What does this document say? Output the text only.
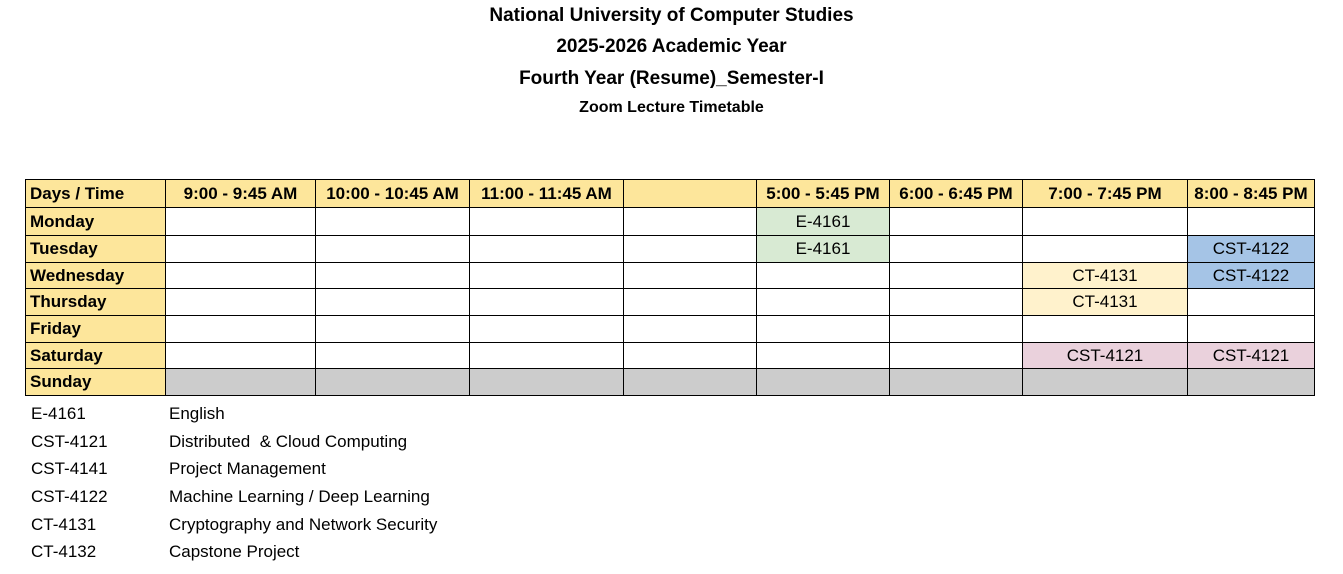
National University of Computer Studies
2025-2026 Academic Year
Fourth Year (Resume)_Semester-I
Zoom Lecture Timetable
Days / Time	9:00 - 9:45 AM	10:00 - 10:45 AM	11:00 - 11:45 AM		5:00 - 5:45 PM	6:00 - 6:45 PM	7:00 - 7:45 PM	8:00 - 8:45 PM
Monday					E-4161			
Tuesday					E-4161			CST-4122
Wednesday							CT-4131	CST-4122
Thursday							CT-4131	
Friday								
Saturday							CST-4121	CST-4121
Sunday								
E-4161	English
CST-4121	Distributed  & Cloud Computing
CST-4141	Project Management
CST-4122	Machine Learning / Deep Learning
CT-4131	Cryptography and Network Security
CT-4132	Capstone Project
